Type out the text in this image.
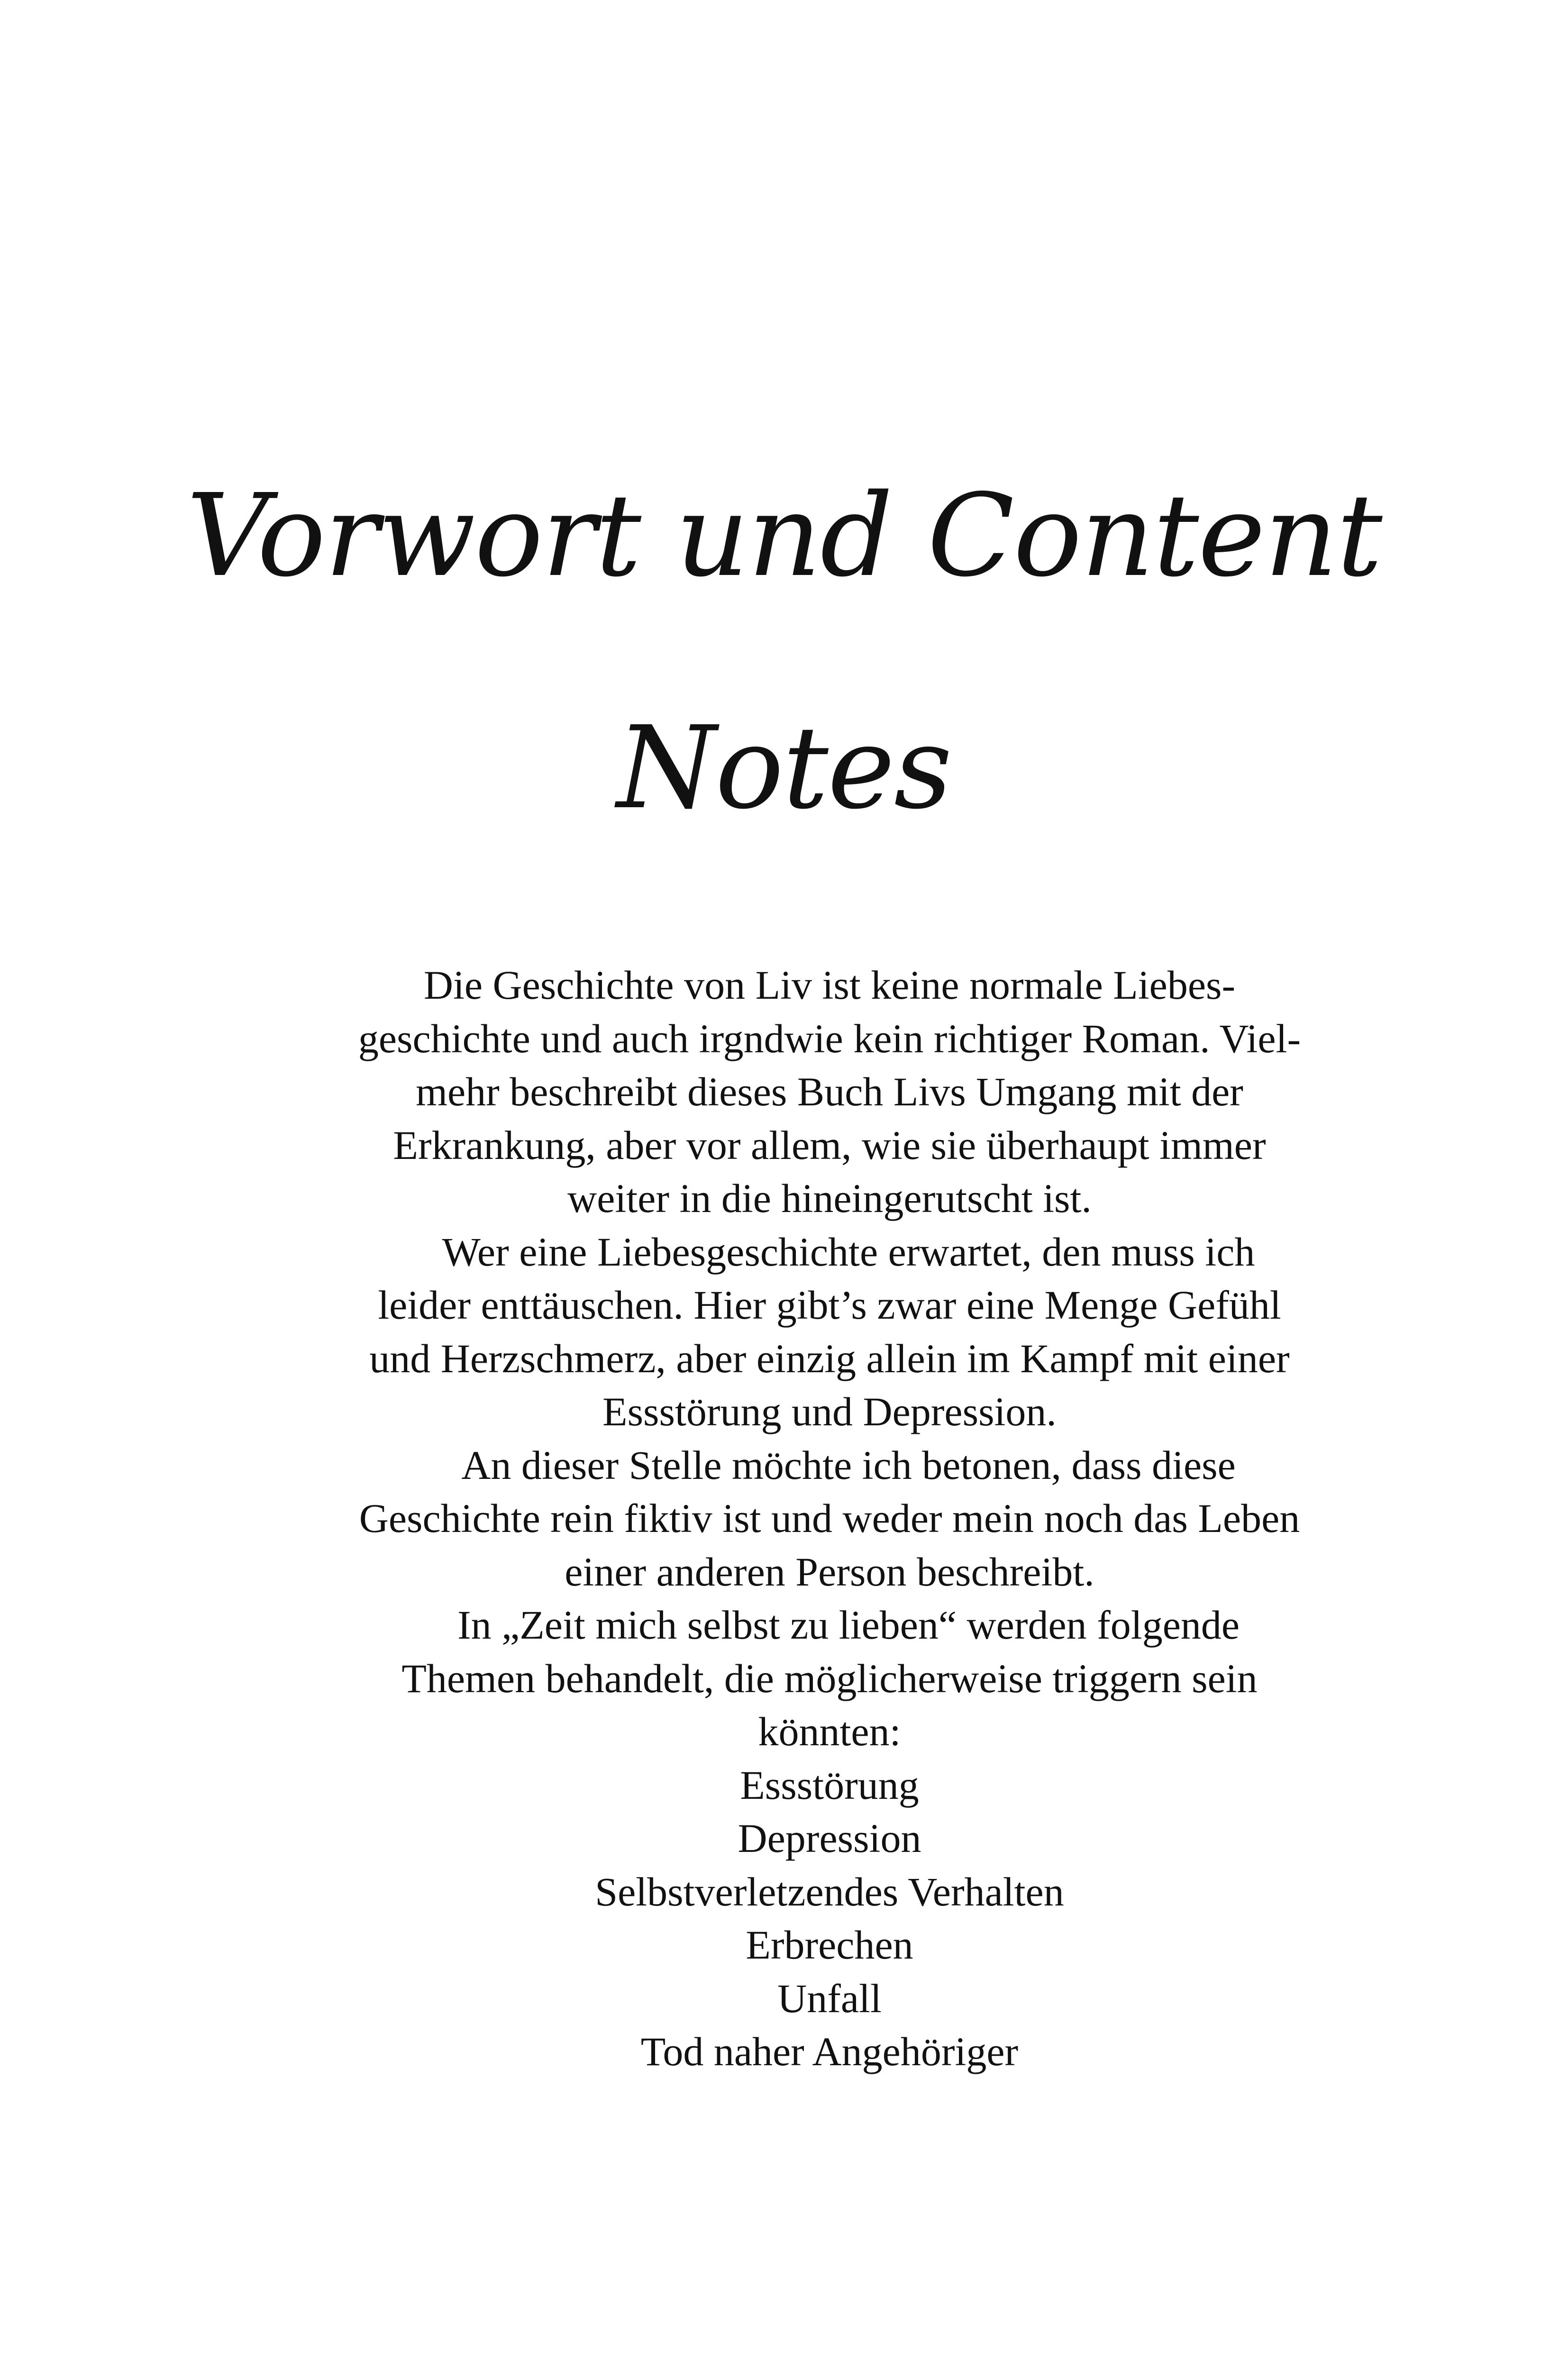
Vorwort und Content
Notes

Die Geschichte von Liv ist keine normale Liebes-

geschichte und auch irgndwie kein richtiger Roman. Viel-

mehr beschreibt dieses Buch Livs Umgang mit der

Erkrankung, aber vor allem, wie sie überhaupt immer

weiter in die hineingerutscht ist.

Wer eine Liebesgeschichte erwartet, den muss ich

leider enttäuschen. Hier gibt’s zwar eine Menge Gefühl

und Herzschmerz, aber einzig allein im Kampf mit einer

Essstörung und Depression.

An dieser Stelle möchte ich betonen, dass diese

Geschichte rein fiktiv ist und weder mein noch das Leben

einer anderen Person beschreibt.

In „Zeit mich selbst zu lieben“ werden folgende

Themen behandelt, die möglicherweise triggern sein

könnten:

Essstörung

Depression

Selbstverletzendes Verhalten

Erbrechen

Unfall

Tod naher Angehöriger
